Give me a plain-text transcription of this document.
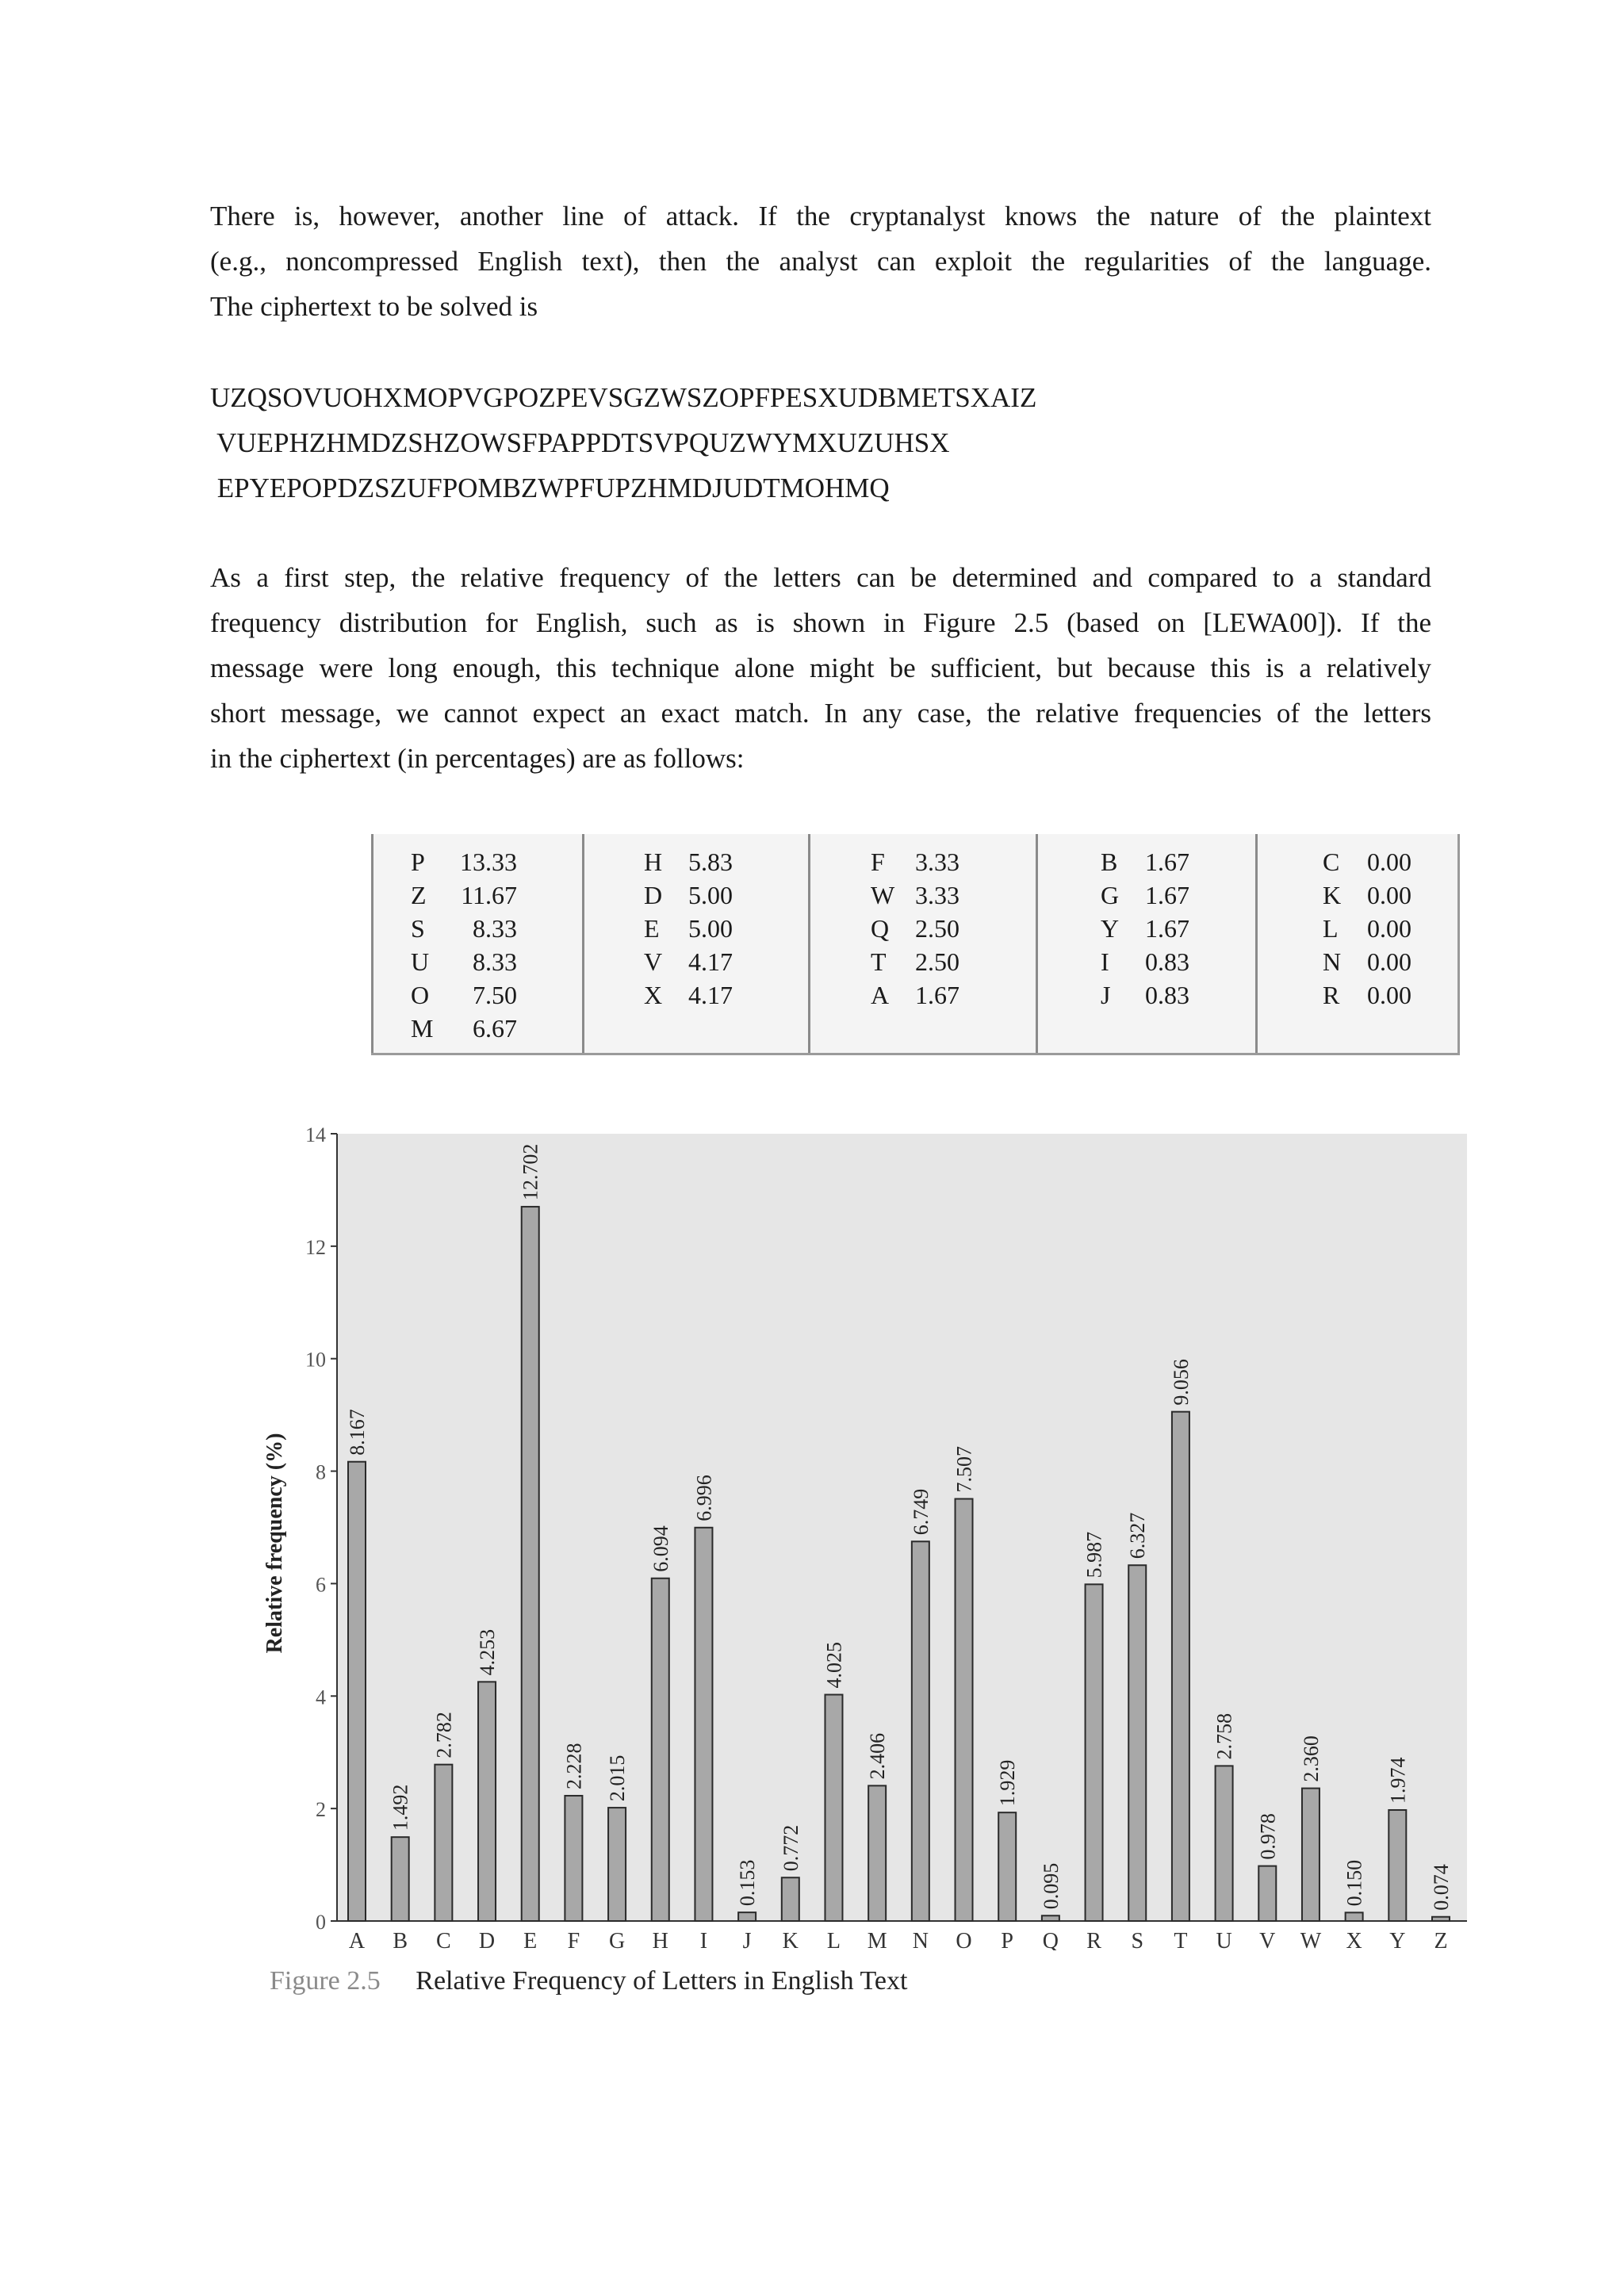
There is, however, another line of attack. If the cryptanalyst knows the nature of the plaintext
(e.g., noncompressed English text), then the analyst can exploit the regularities of the language.
The ciphertext to be solved is
UZQSOVUOHXMOPVGPOZPEVSGZWSZOPFPESXUDBMETSXAIZ
VUEPHZHMDZSHZOWSFPAPPDTSVPQUZWYMXUZUHSX
EPYEPOPDZSZUFPOMBZWPFUPZHMDJUDTMOHMQ
As a first step, the relative frequency of the letters can be determined and compared to a standard
frequency distribution for English, such as is shown in Figure 2.5 (based on [LEWA00]). If the
message were long enough, this technique alone might be sufficient, but because this is a relatively
short message, we cannot expect an exact match. In any case, the relative frequencies of the letters
in the ciphertext (in percentages) are as follows:
P 13.33
Z 11.67
S 8.33
U 8.33
O 7.50
M 6.67
H 5.83
D 5.00
E 5.00
V 4.17
X 4.17
F 3.33
W 3.33
Q 2.50
T 2.50
A 1.67
B 1.67
G 1.67
Y 1.67
I 0.83
J 0.83
C 0.00
K 0.00
L 0.00
N 0.00
R 0.00
0
2
4
6
8
10
12
14
Relative frequency (%)
8.167
A
1.492
B
2.782
C
4.253
D
12.702
E
2.228
F
2.015
G
6.094
H
6.996
I
0.153
J
0.772
K
4.025
L
2.406
M
6.749
N
7.507
O
1.929
P
0.095
Q
5.987
R
6.327
S
9.056
T
2.758
U
0.978
V
2.360
W
0.150
X
1.974
Y
0.074
Z
Figure 2.5 Relative Frequency of Letters in English Text
